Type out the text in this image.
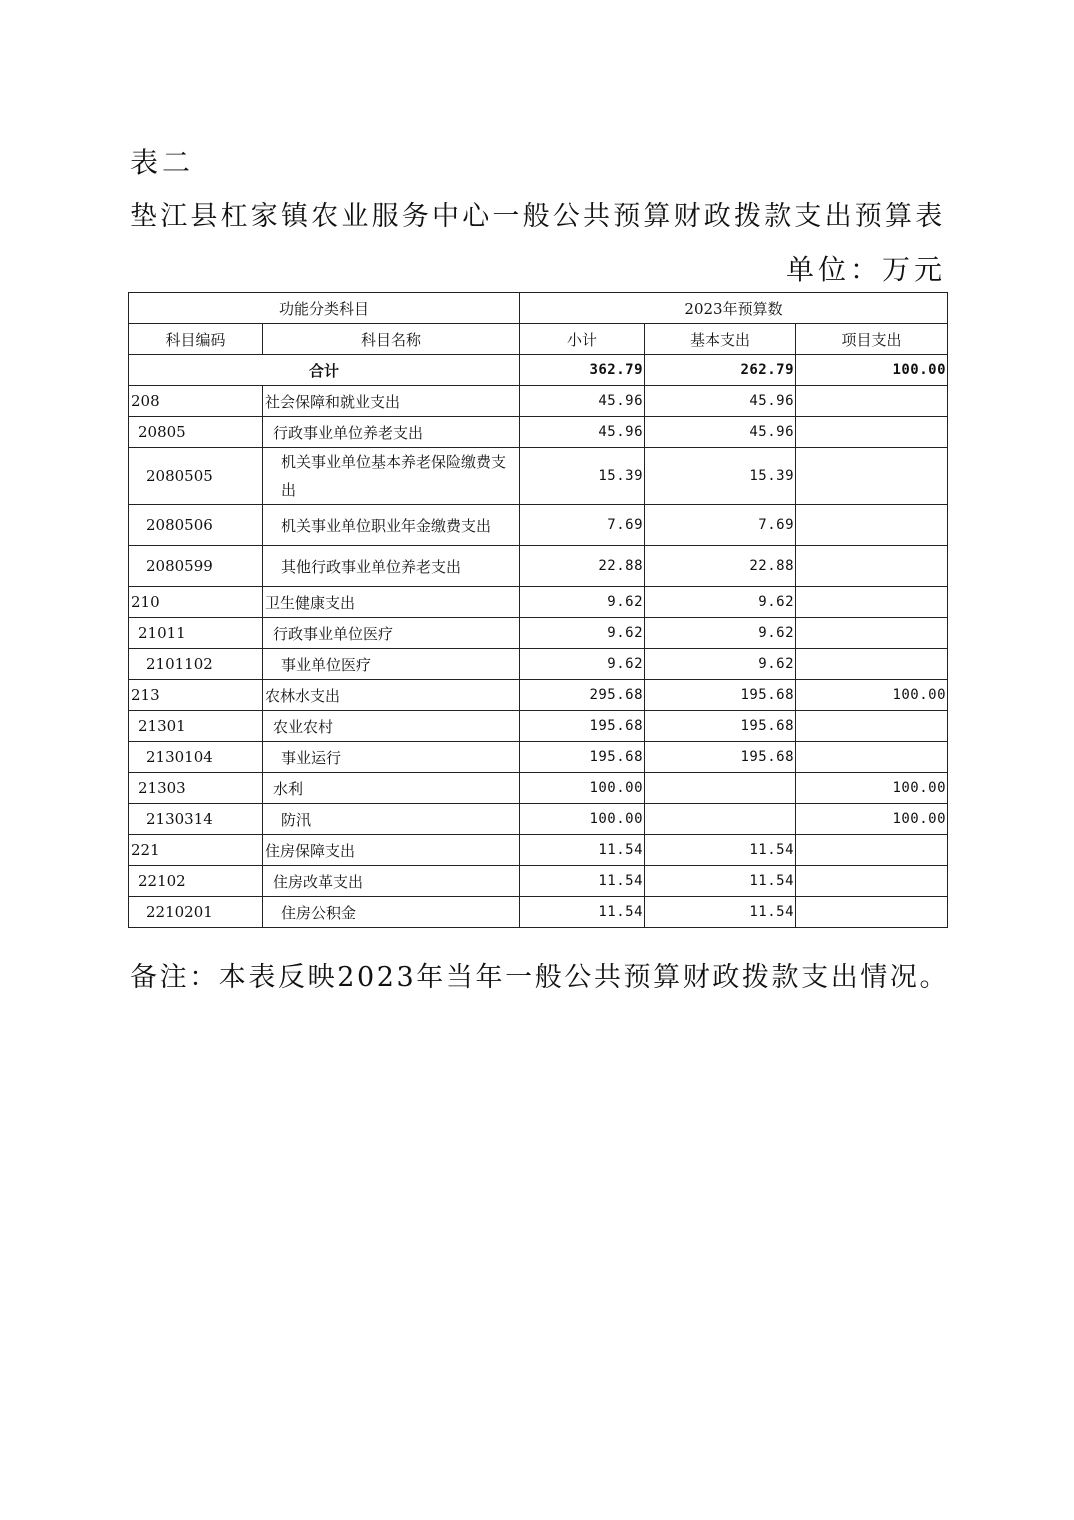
表二
垫江县杠家镇农业服务中心一般公共预算财政拨款支出预算表
单位：万元
功能分类科目		2023年预算数		
科目编码	科目名称	小计	基本支出	项目支出
合计		362.79	262.79	100.00
208	社会保障和就业支出	45.96	45.96	
20805	行政事业单位养老支出	45.96	45.96	
2080505	机关事业单位基本养老保险缴费支出	15.39	15.39	
2080506	机关事业单位职业年金缴费支出	7.69	7.69	
2080599	其他行政事业单位养老支出	22.88	22.88	
210	卫生健康支出	9.62	9.62	
21011	行政事业单位医疗	9.62	9.62	
2101102	事业单位医疗	9.62	9.62	
213	农林水支出	295.68	195.68	100.00
21301	农业农村	195.68	195.68	
2130104	事业运行	195.68	195.68	
21303	水利	100.00		100.00
2130314	防汛	100.00		100.00
221	住房保障支出	11.54	11.54	
22102	住房改革支出	11.54	11.54	
2210201	住房公积金	11.54	11.54	
备注：本表反映2023年当年一般公共预算财政拨款支出情况。
